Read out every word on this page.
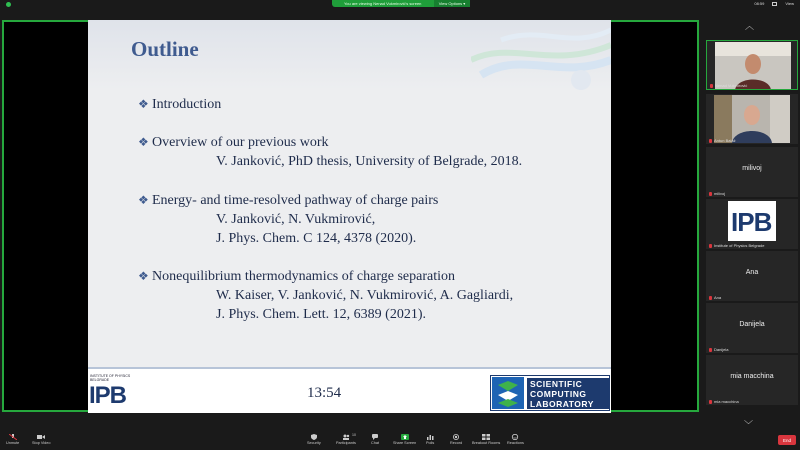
You are viewing Nenad Vukmirović's screen	View Options ▾	08:59	View
Outline
❖ Introduction
❖ Overview of our previous work
V. Janković, PhD thesis, University of Belgrade, 2018.
❖ Energy- and time-resolved pathway of charge pairs
V. Janković, N. Vukmirović,
J. Phys. Chem. C 124, 4378 (2020).
❖ Nonequilibrium thermodynamics of charge separation
W. Kaiser, V. Janković, N. Vukmirović, A. Gagliardi,
J. Phys. Chem. Lett. 12, 6389 (2021).
INSTITUTE OF PHYSICS
BELGRADE
IPB	13:54
SCIENTIFIC
COMPUTING
LABORATORY
︿
Nenad Vukmirović
Antun Balaž
milivoj
milivoj
IPB
Institute of Physics Belgrade
Ana
Ana
Danijela
Danijela
mia macchina
mia macchina
﹀
Unmute	Stop Video	Security	Participants
10
Chat	Share Screen	Polls	Record	Breakout Rooms Reactions
End
